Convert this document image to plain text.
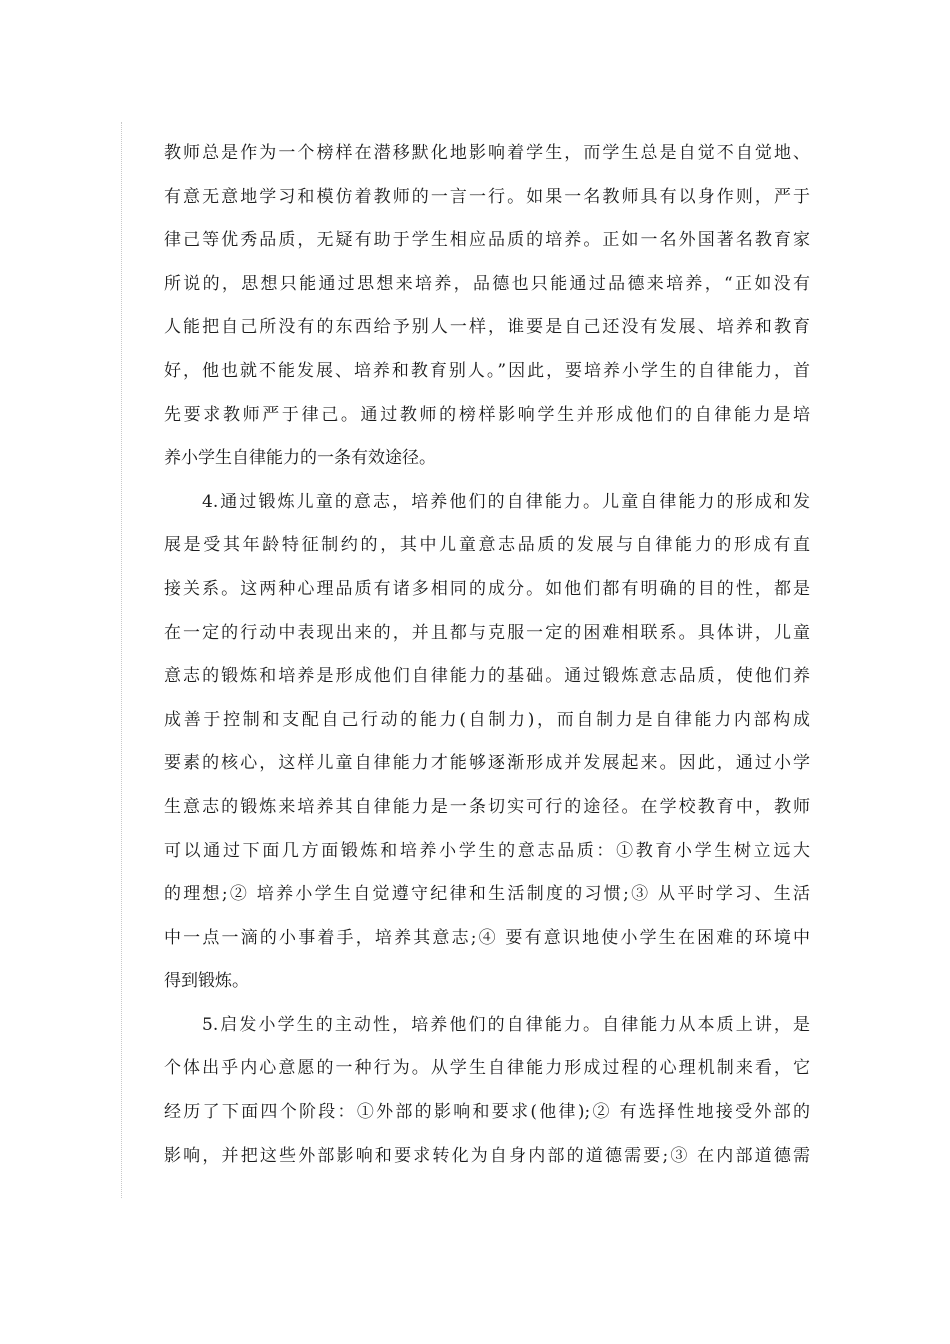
教师总是作为一个榜样在潜移默化地影响着学生，而学生总是自觉不自觉地、
有意无意地学习和模仿着教师的一言一行。如果一名教师具有以身作则，严于
律己等优秀品质，无疑有助于学生相应品质的培养。正如一名外国著名教育家
所说的，思想只能通过思想来培养，品德也只能通过品德来培养，“正如没有
人能把自己所没有的东西给予别人一样，谁要是自己还没有发展、培养和教育
好，他也就不能发展、培养和教育别人。”因此，要培养小学生的自律能力，首
先要求教师严于律己。通过教师的榜样影响学生并形成他们的自律能力是培
养小学生自律能力的一条有效途径。
4.通过锻炼儿童的意志，培养他们的自律能力。儿童自律能力的形成和发
展是受其年龄特征制约的，其中儿童意志品质的发展与自律能力的形成有直
接关系。这两种心理品质有诸多相同的成分。如他们都有明确的目的性，都是
在一定的行动中表现出来的，并且都与克服一定的困难相联系。具体讲，儿童
意志的锻炼和培养是形成他们自律能力的基础。通过锻炼意志品质，使他们养
成善于控制和支配自己行动的能力(自制力)，而自制力是自律能力内部构成
要素的核心，这样儿童自律能力才能够逐渐形成并发展起来。因此，通过小学
生意志的锻炼来培养其自律能力是一条切实可行的途径。在学校教育中，教师
可以通过下面几方面锻炼和培养小学生的意志品质：①教育小学生树立远大
的理想;② 培养小学生自觉遵守纪律和生活制度的习惯;③ 从平时学习、生活
中一点一滴的小事着手，培养其意志;④ 要有意识地使小学生在困难的环境中
得到锻炼。
5.启发小学生的主动性，培养他们的自律能力。自律能力从本质上讲，是
个体出乎内心意愿的一种行为。从学生自律能力形成过程的心理机制来看，它
经历了下面四个阶段：①外部的影响和要求(他律);② 有选择性地接受外部的
影响，并把这些外部影响和要求转化为自身内部的道德需要;③ 在内部道德需
